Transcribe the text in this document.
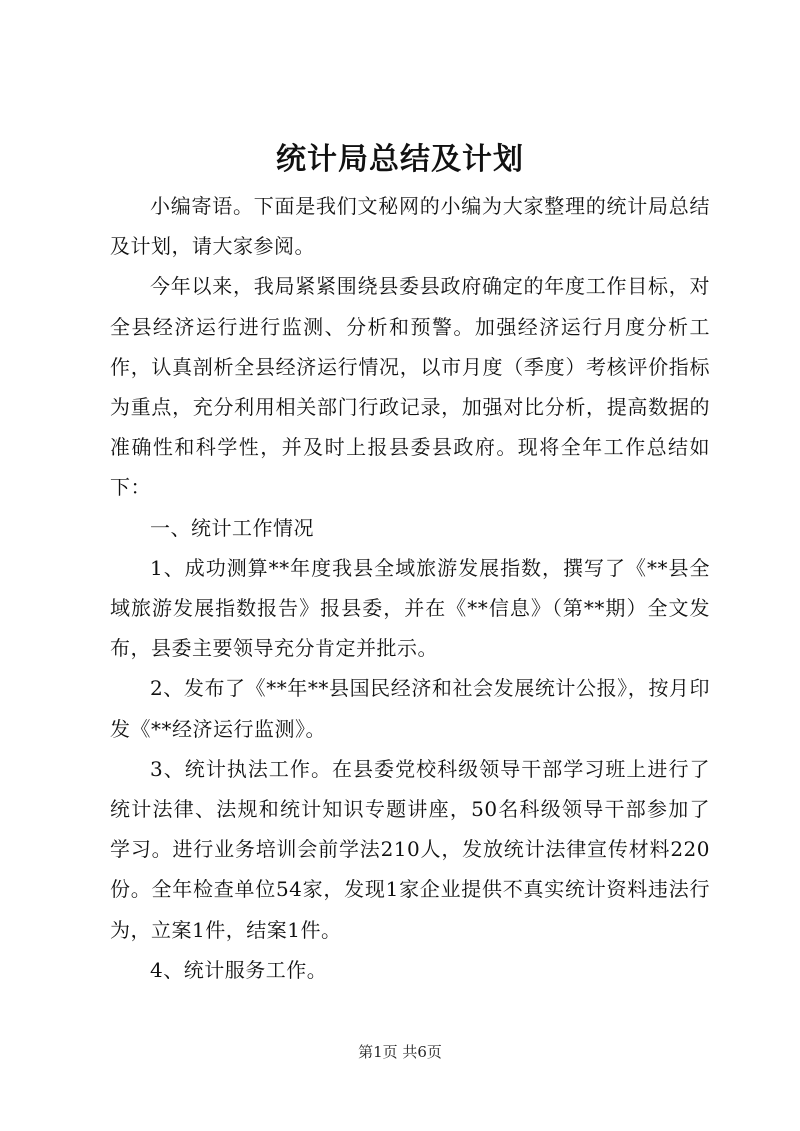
统计局总结及计划

小编寄语。下面是我们文秘网的小编为大家整理的统计局总结及计划，请大家参阅。

今年以来，我局紧紧围绕县委县政府确定的年度工作目标，对全县经济运行进行监测、分析和预警。加强经济运行月度分析工作，认真剖析全县经济运行情况，以市月度（季度）考核评价指标为重点，充分利用相关部门行政记录，加强对比分析，提高数据的准确性和科学性，并及时上报县委县政府。现将全年工作总结如下：

一、统计工作情况

1、成功测算**年度我县全域旅游发展指数，撰写了《**县全域旅游发展指数报告》报县委，并在《**信息》（第**期）全文发布，县委主要领导充分肯定并批示。

2、发布了《**年**县国民经济和社会发展统计公报》，按月印发《**经济运行监测》。

3、统计执法工作。在县委党校科级领导干部学习班上进行了统计法律、法规和统计知识专题讲座，50名科级领导干部参加了学习。进行业务培训会前学法210人，发放统计法律宣传材料220份。全年检查单位54家，发现1家企业提供不真实统计资料违法行为，立案1件，结案1件。

4、统计服务工作。

第1页 共6页
